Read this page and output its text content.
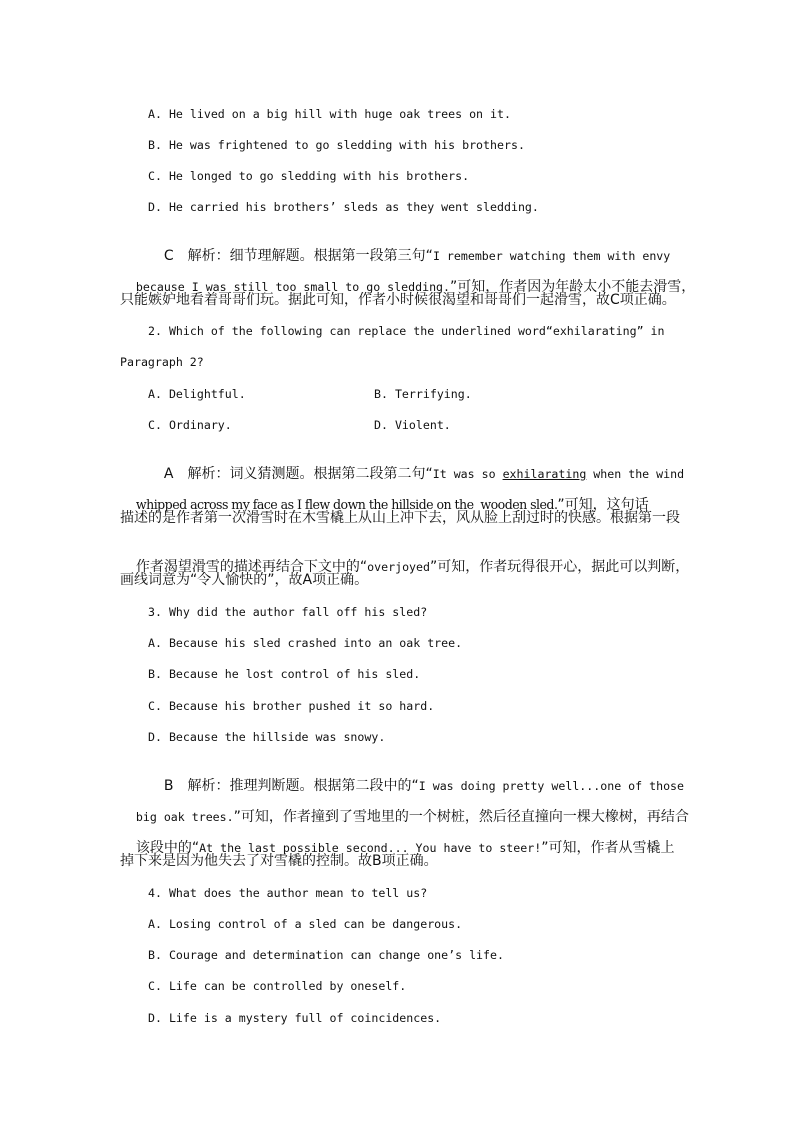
A. He lived on a big hill with huge oak trees on it.
B. He was frightened to go sledding with his brothers.
C. He longed to go sledding with his brothers.
D. He carried his brothers’ sleds as they went sledding.

C　解析：细节理解题。根据第一段第三句“I remember watching them with envy

because I was still too small to go sledding.”可知，作者因为年龄太小不能去滑雪，

只能嫉妒地看着哥哥们玩。据此可知，作者小时候很渴望和哥哥们一起滑雪，故C项正确。
2. Which of the following can replace the underlined word“exhilarating” in
Paragraph 2?
A. Delightful.	B. Terrifying.
C. Ordinary.	D. Violent.

A　解析：词义猜测题。根据第二段第二句“It was so exhilarating when the wind

whipped across my face as I flew down the hillside on the  wooden sled.”可知，这句话

描述的是作者第一次滑雪时在木雪橇上从山上冲下去，风从脸上刮过时的快感。根据第一段

作者渴望滑雪的描述再结合下文中的“overjoyed”可知，作者玩得很开心，据此可以判断，

画线词意为“令人愉快的”，故A项正确。
3. Why did the author fall off his sled?
A. Because his sled crashed into an oak tree.
B. Because he lost control of his sled.
C. Because his brother pushed it so hard.
D. Because the hillside was snowy.

B　解析：推理判断题。根据第二段中的“I was doing pretty well...one of those

big oak trees.”可知，作者撞到了雪地里的一个树桩，然后径直撞向一棵大橡树，再结合

该段中的“At the last possible second... You have to steer!”可知，作者从雪橇上

掉下来是因为他失去了对雪橇的控制。故B项正确。
4. What does the author mean to tell us?
A. Losing control of a sled can be dangerous.
B. Courage and determination can change one’s life.
C. Life can be controlled by oneself.
D. Life is a mystery full of coincidences.
